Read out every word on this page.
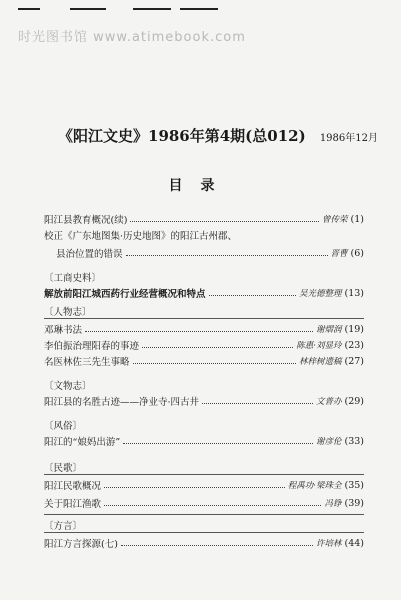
时光图书馆 www.atimebook.com
《阳江文史》1986年第4期(总012) 1986年12月
目录
阳江县教育概况(续)	曾传荣 (1)
校正《广东地图集·历史地图》的阳江古州郡、
县治位置的错误	晋曹 (6)
〔工商史料〕
解放前阳江城西药行业经营概况和特点	吴光德整理 (13)
〔人物志〕
邓琳书法	谢熠润 (19)
李伯振治理阳春的事迹	陈惠·刘显玲 (23)
名医林佐三先生事略	林梓树遗稿 (27)
〔文物志〕
阳江县的名胜古迹——净业寺·四古井	文普办 (29)
〔风俗〕
阳江的“娘妈出游”	谢彦伦 (33)
〔民歌〕
阳江民歌概况	程禹功·梁珠全 (35)
关于阳江渔歌	冯铮 (39)
〔方言〕
阳江方言探源(七)	许培林 (44)
